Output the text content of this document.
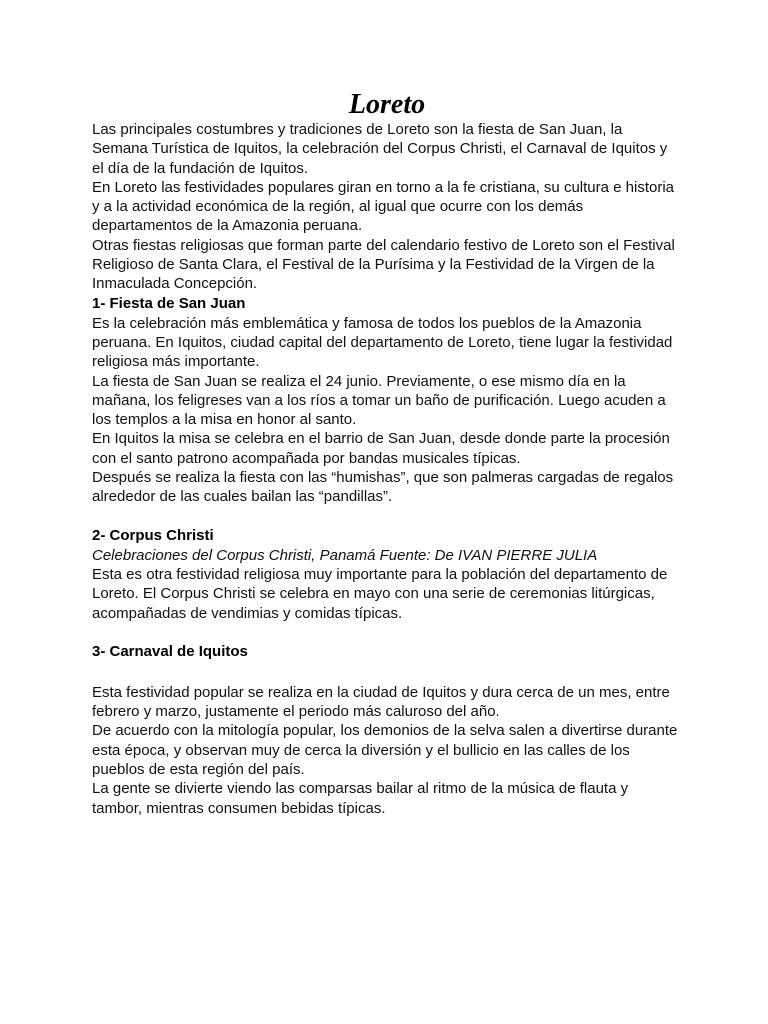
Loreto

Las principales costumbres y tradiciones de Loreto son la fiesta de San Juan, la Semana Turística de Iquitos, la celebración del Corpus Christi, el Carnaval de Iquitos y el día de la fundación de Iquitos.

En Loreto las festividades populares giran en torno a la fe cristiana, su cultura e historia y a la actividad económica de la región, al igual que ocurre con los demás departamentos de la Amazonia peruana.

Otras fiestas religiosas que forman parte del calendario festivo de Loreto son el Festival Religioso de Santa Clara, el Festival de la Purísima y la Festividad de la Virgen de la Inmaculada Concepción.

1- Fiesta de San Juan

Es la celebración más emblemática y famosa de todos los pueblos de la Amazonia peruana. En Iquitos, ciudad capital del departamento de Loreto, tiene lugar la festividad religiosa más importante.

La fiesta de San Juan se realiza el 24 junio. Previamente, o ese mismo día en la mañana, los feligreses van a los ríos a tomar un baño de purificación. Luego acuden a los templos a la misa en honor al santo.

En Iquitos la misa se celebra en el barrio de San Juan, desde donde parte la procesión con el santo patrono acompañada por bandas musicales típicas.

Después se realiza la fiesta con las “humishas”, que son palmeras cargadas de regalos alrededor de las cuales bailan las “pandillas”.

2- Corpus Christi

Celebraciones del Corpus Christi, Panamá Fuente: De IVAN PIERRE JULIA

Esta es otra festividad religiosa muy importante para la población del departamento de Loreto. El Corpus Christi se celebra en mayo con una serie de ceremonias litúrgicas, acompañadas de vendimias y comidas típicas.

3- Carnaval de Iquitos

Esta festividad popular se realiza en la ciudad de Iquitos y dura cerca de un mes, entre febrero y marzo, justamente el periodo más caluroso del año.

De acuerdo con la mitología popular, los demonios de la selva salen a divertirse durante esta época, y observan muy de cerca la diversión y el bullicio en las calles de los pueblos de esta región del país.

La gente se divierte viendo las comparsas bailar al ritmo de la música de flauta y tambor, mientras consumen bebidas típicas.
